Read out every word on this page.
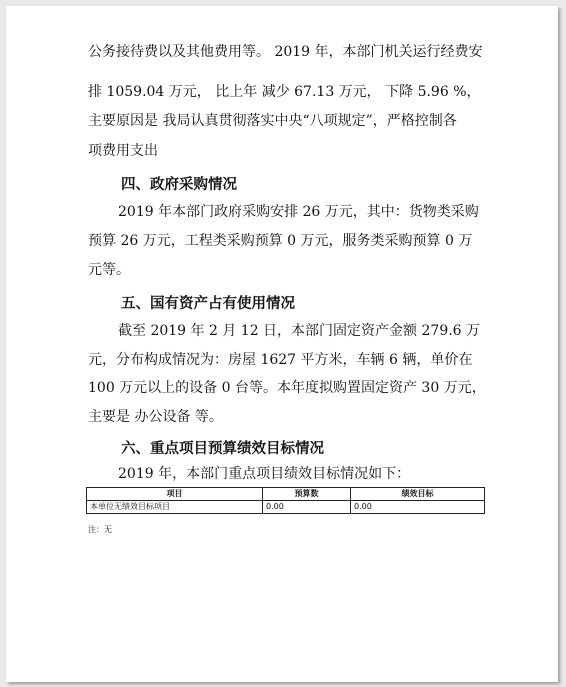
公务接待费以及其他费用等。 2019 年，本部门机关运行经费安
排 1059.04 万元， 比上年 减少 67.13 万元， 下降 5.96 %，
主要原因是 我局认真贯彻落实中央“八项规定”，严格控制各
项费用支出
四、政府采购情况
2019 年本部门政府采购安排 26 万元，其中：货物类采购
预算 26 万元，工程类采购预算 0 万元，服务类采购预算 0 万
元等。
五、国有资产占有使用情况
截至 2019 年 2 月 12 日，本部门固定资产金额 279.6 万
元，分布构成情况为：房屋 1627 平方米，车辆 6 辆，单价在
100 万元以上的设备 0 台等。本年度拟购置固定资产 30 万元，
主要是 办公设备 等。
六、重点项目预算绩效目标情况
2019 年，本部门重点项目绩效目标情况如下：
项目	预算数	绩效目标
本单位无绩效目标项目	0.00	0.00
注：无
